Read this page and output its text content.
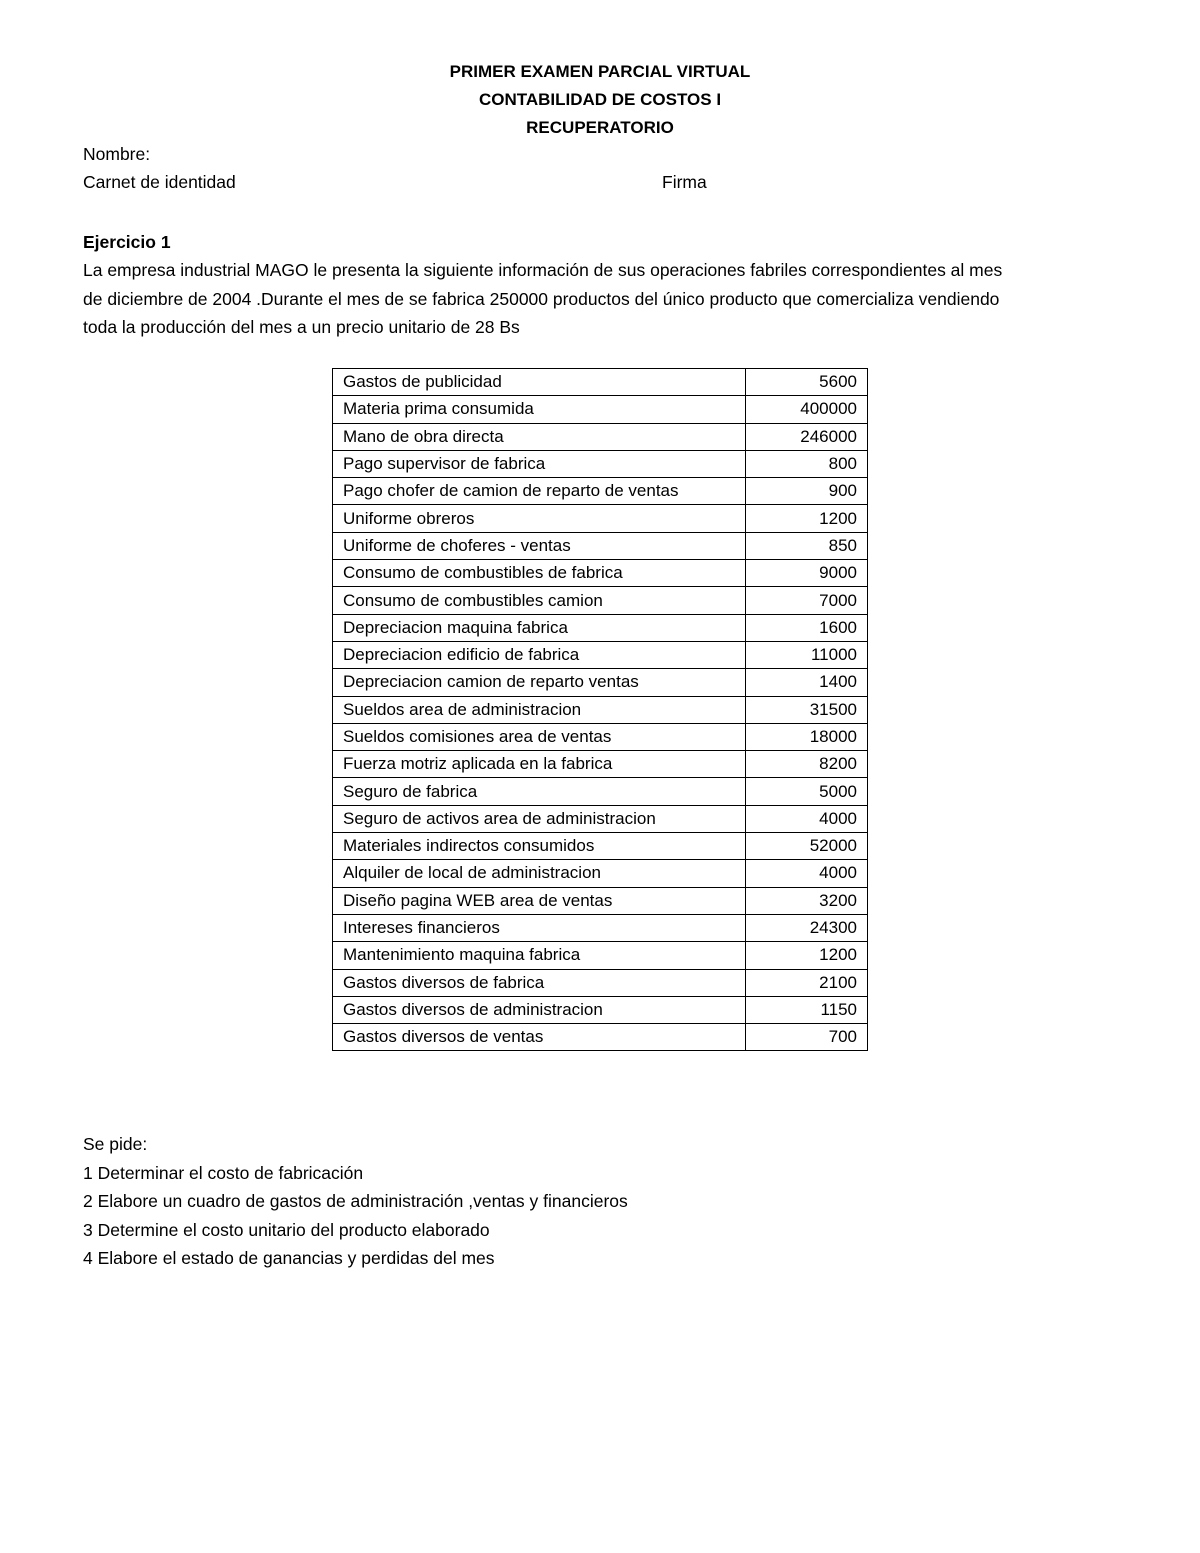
PRIMER EXAMEN PARCIAL VIRTUAL
CONTABILIDAD DE COSTOS I
RECUPERATORIO
Nombre:
Carnet de identidad	Firma
Ejercicio 1
La empresa industrial MAGO le presenta la siguiente información de sus operaciones fabriles correspondientes al mes
de diciembre de 2004 .Durante el mes de se fabrica 250000 productos del único producto que comercializa vendiendo
toda la producción del mes a un precio unitario de 28 Bs
Gastos de publicidad	5600
Materia prima consumida	400000
Mano de obra directa	246000
Pago supervisor de fabrica	800
Pago chofer de camion de reparto de ventas	900
Uniforme obreros	1200
Uniforme de choferes - ventas	850
Consumo de combustibles de fabrica	9000
Consumo de combustibles camion	7000
Depreciacion maquina fabrica	1600
Depreciacion edificio de fabrica	11000
Depreciacion camion de reparto ventas	1400
Sueldos area de administracion	31500
Sueldos comisiones area de ventas	18000
Fuerza motriz aplicada en la fabrica	8200
Seguro de fabrica	5000
Seguro de activos area de administracion	4000
Materiales indirectos consumidos	52000
Alquiler de local de administracion	4000
Diseño pagina WEB area de ventas	3200
Intereses financieros	24300
Mantenimiento maquina fabrica	1200
Gastos diversos de fabrica	2100
Gastos diversos de administracion	1150
Gastos diversos de ventas	700
Se pide:
1 Determinar el costo de fabricación
2 Elabore un cuadro de gastos de administración ,ventas y financieros
3 Determine el costo unitario del producto elaborado
4 Elabore el estado de ganancias y perdidas del mes
